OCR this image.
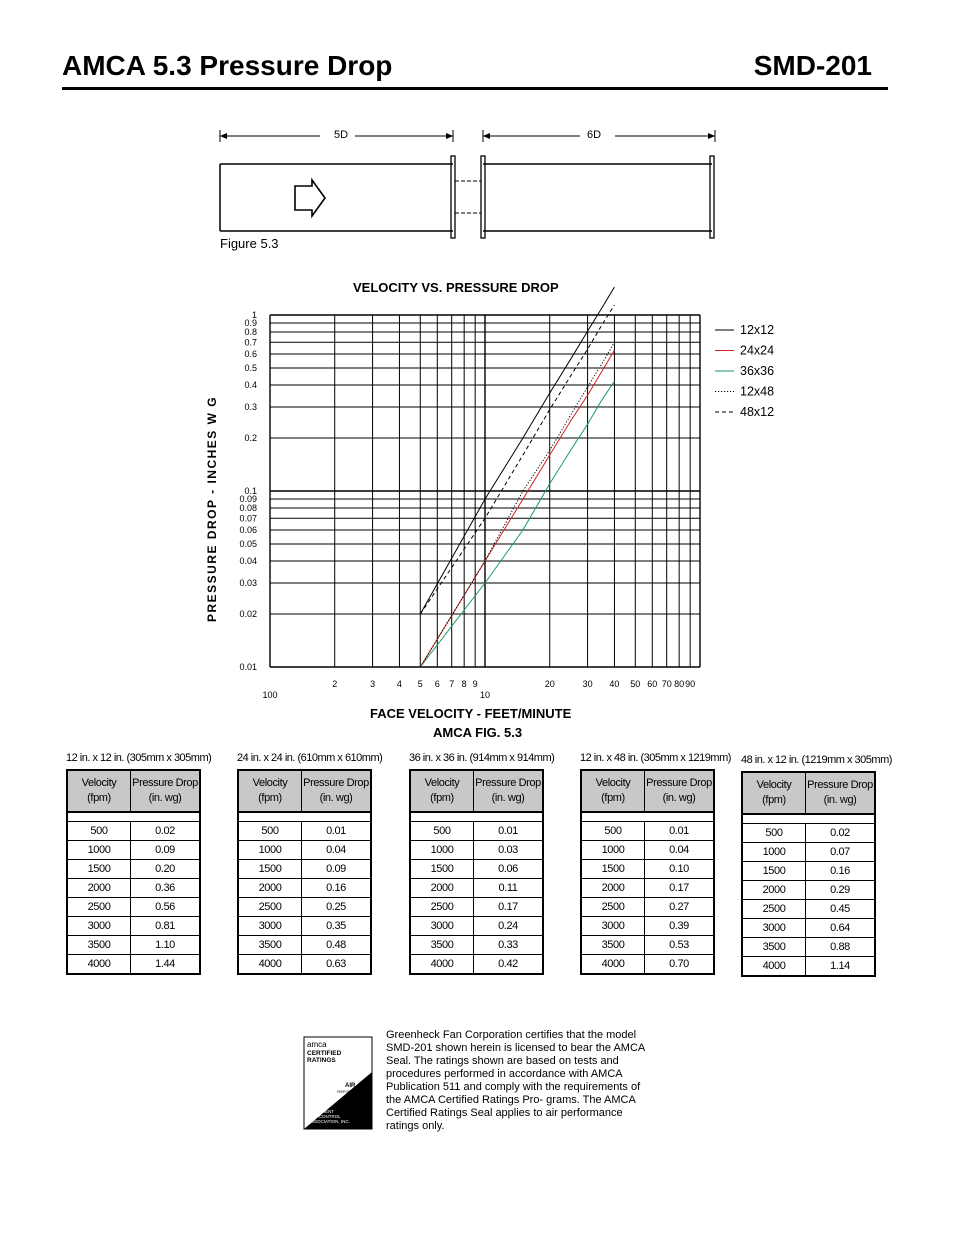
AMCA 5.3 Pressure Drop	SMD-201
5D	6D
Figure 5.3
VELOCITY VS. PRESSURE DROP
PRESSURE DROP - INCHES W G
FACE VELOCITY - FEET/MINUTE
AMCA FIG. 5.3
100
2	3 4 5 6 7 8 9
10
20	30 40 50 60 70 80 90
1
0.9
0.8
0.7
0.6
0.5
0.4
0.3
0.2
0.1
0.09
0.08
0.07
0.06
0.05
0.04
0.03
0.02
0.01
12x12
24x24
36x36
12x48
48x12
12 in. x 12 in. (305mm x 305mm)
Velocity (fpm)	Pressure Drop
(in. wg)

500	0.02
1000	0.09
1500	0.20
2000	0.36
2500	0.56
3000	0.81
3500	1.10
4000	1.44
24 in. x 24 in. (610mm x 610mm)
Velocity (fpm)	Pressure Drop
(in. wg)

500	0.01
1000	0.04
1500	0.09
2000	0.16
2500	0.25
3000	0.35
3500	0.48
4000	0.63
36 in. x 36 in. (914mm x 914mm)
Velocity (fpm)	Pressure Drop
(in. wg)

500	0.01
1000	0.03
1500	0.06
2000	0.11
2500	0.17
3000	0.24
3500	0.33
4000	0.42
12 in. x 48 in. (305mm x 1219mm)
Velocity (fpm)	Pressure Drop
(in. wg)

500	0.01
1000	0.04
1500	0.10
2000	0.17
2500	0.27
3000	0.39
3500	0.53
4000	0.70
48 in. x 12 in. (1219mm x 305mm)
Velocity (fpm)	Pressure Drop
(in. wg)

500	0.02
1000	0.07
1500	0.16
2000	0.29
2500	0.45
3000	0.64
3500	0.88
4000	1.14
amca
CERTIFIED
RATINGS
AIR
PERFORMANCE
AIR
MOVEMENT
AND CONTROL
ASSOCIATION, INC.
Greenheck Fan Corporation certifies that the model SMD-201 shown herein is licensed to bear the AMCA Seal. The ratings shown are based on tests and procedures performed in accordance with AMCA Publication 511 and comply with the requirements of the AMCA Certified Ratings Pro- grams. The AMCA Certified Ratings Seal applies to air performance ratings only.
